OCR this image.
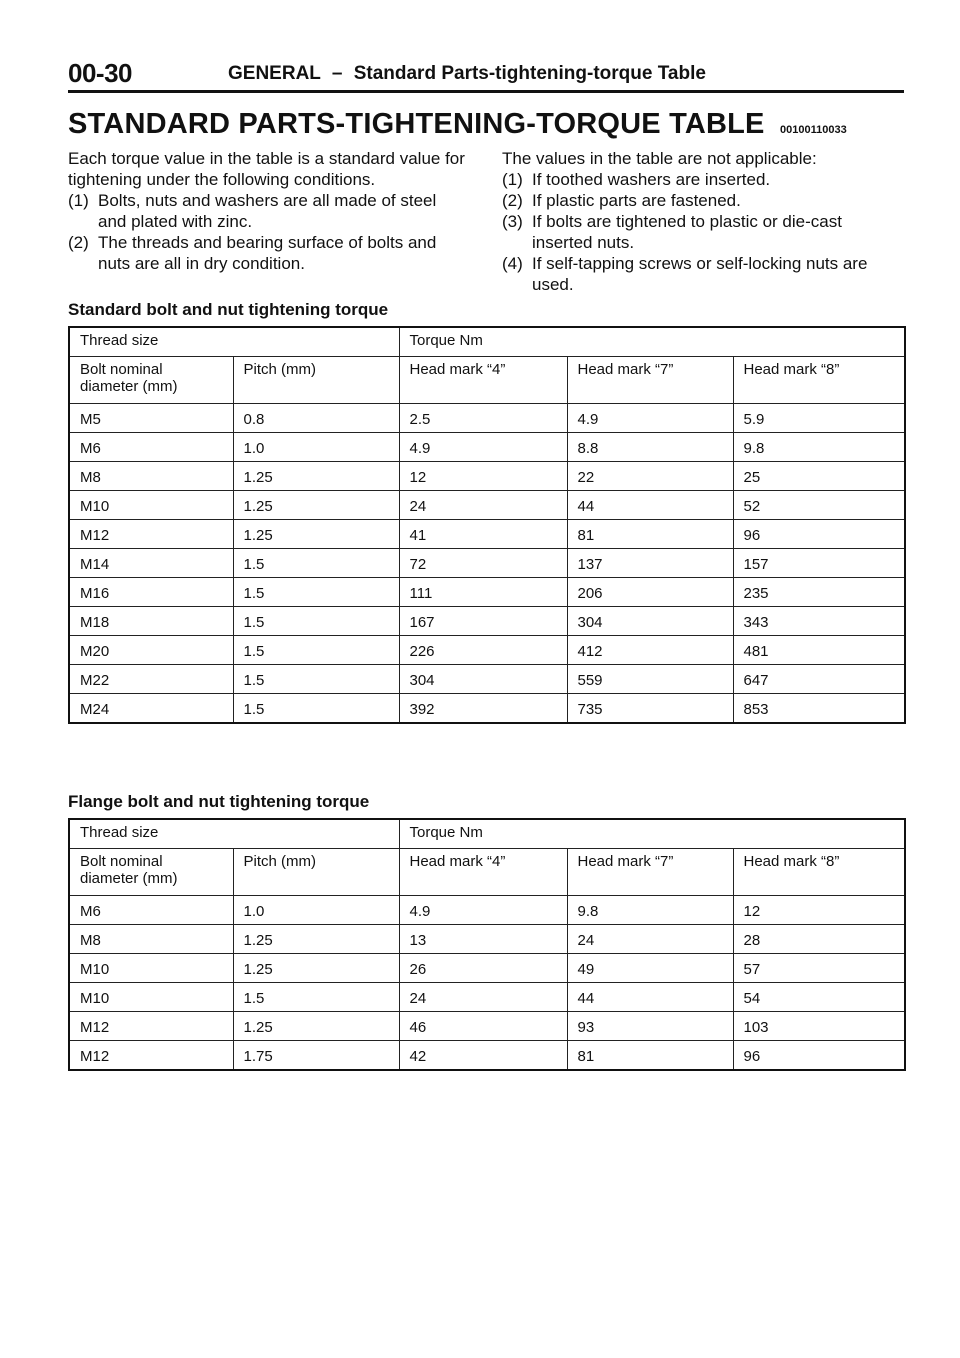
00-30	GENERAL – Standard Parts-tightening-torque Table
STANDARD PARTS-TIGHTENING-TORQUE TABLE 00100110033

Each torque value in the table is a standard value for tightening under the following conditions.

(1) Bolts, nuts and washers are all made of steel and plated with zinc.
(2) The threads and bearing surface of bolts and nuts are all in dry condition.

The values in the table are not applicable:

(1) If toothed washers are inserted.
(2) If plastic parts are fastened.
(3) If bolts are tightened to plastic or die-cast inserted nuts.
(4) If self-tapping screws or self-locking nuts are used.
Standard bolt and nut tightening torque
Thread size		Torque Nm		
Bolt nominal diameter (mm)	Pitch (mm)	Head mark “4”	Head mark “7”	Head mark “8”
M5	0.8	2.5	4.9	5.9
M6	1.0	4.9	8.8	9.8
M8	1.25	12	22	25
M10	1.25	24	44	52
M12	1.25	41	81	96
M14	1.5	72	137	157
M16	1.5	111	206	235
M18	1.5	167	304	343
M20	1.5	226	412	481
M22	1.5	304	559	647
M24	1.5	392	735	853
Flange bolt and nut tightening torque
Thread size		Torque Nm		
Bolt nominal diameter (mm)	Pitch (mm)	Head mark “4”	Head mark “7”	Head mark “8”
M6	1.0	4.9	9.8	12
M8	1.25	13	24	28
M10	1.25	26	49	57
M10	1.5	24	44	54
M12	1.25	46	93	103
M12	1.75	42	81	96
